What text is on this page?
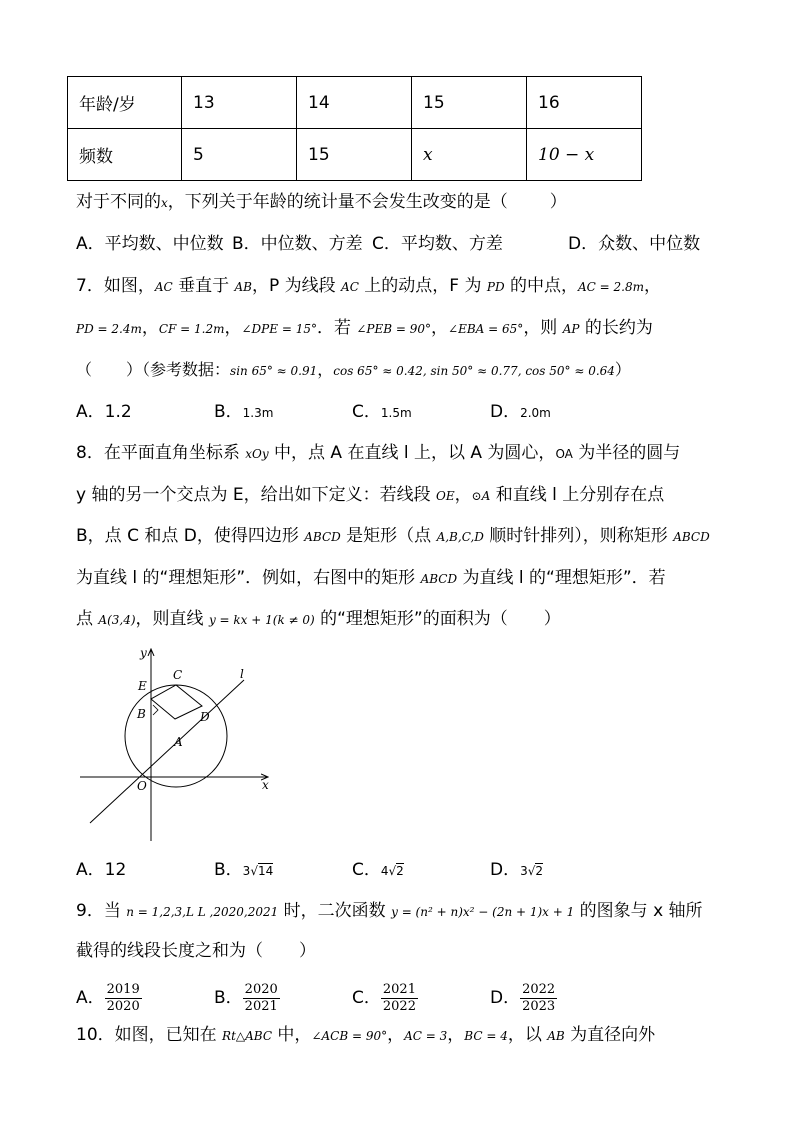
年龄/岁	13	14	15	16
频数	5	15	x	10 − x
对于不同的x，下列关于年龄的统计量不会发生改变的是（ ）
A．平均数、中位数 B．中位数、方差 C．平均数、方差	D．众数、中位数
7．如图，AC 垂直于 AB，P 为线段 AC 上的动点，F 为 PD 的中点，AC = 2.8m，
PD = 2.4m，CF = 1.2m，∠DPE = 15°．若 ∠PEB = 90°，∠EBA = 65°，则 AP 的长约为
（ ）（参考数据：sin 65° ≈ 0.91，cos 65° ≈ 0.42, sin 50° ≈ 0.77, cos 50° ≈ 0.64）
A．1.2	B．1.3m	C．1.5m	D．2.0m
8．在平面直角坐标系 xOy 中，点 A 在直线 l 上，以 A 为圆心，OA 为半径的圆与
y 轴的另一个交点为 E，给出如下定义：若线段 OE，⊙A 和直线 l 上分别存在点
B，点 C 和点 D，使得四边形 ABCD 是矩形（点 A,B,C,D 顺时针排列），则称矩形 ABCD
为直线 l 的“理想矩形”．例如，右图中的矩形 ABCD 为直线 l 的“理想矩形”．若
点 A(3,4)，则直线 y = kx + 1(k ≠ 0) 的“理想矩形”的面积为（ ）
y
x
O
E
B
C
D
A
l
A．12	B．3√14	C．4√2	D．3√2
9．当 n = 1,2,3,L L ,2020,2021 时，二次函数 y = (n² + n)x² − (2n + 1)x + 1 的图象与 x 轴所
截得的线段长度之和为（ ）
A． $\frac{2019}{2020}$	B． $\frac{2020}{2021}$	C． $\frac{2021}{2022}$	D． $\frac{2022}{2023}$
10．如图，已知在 Rt△ABC 中，∠ACB = 90°，AC = 3，BC = 4，以 AB 为直径向外
